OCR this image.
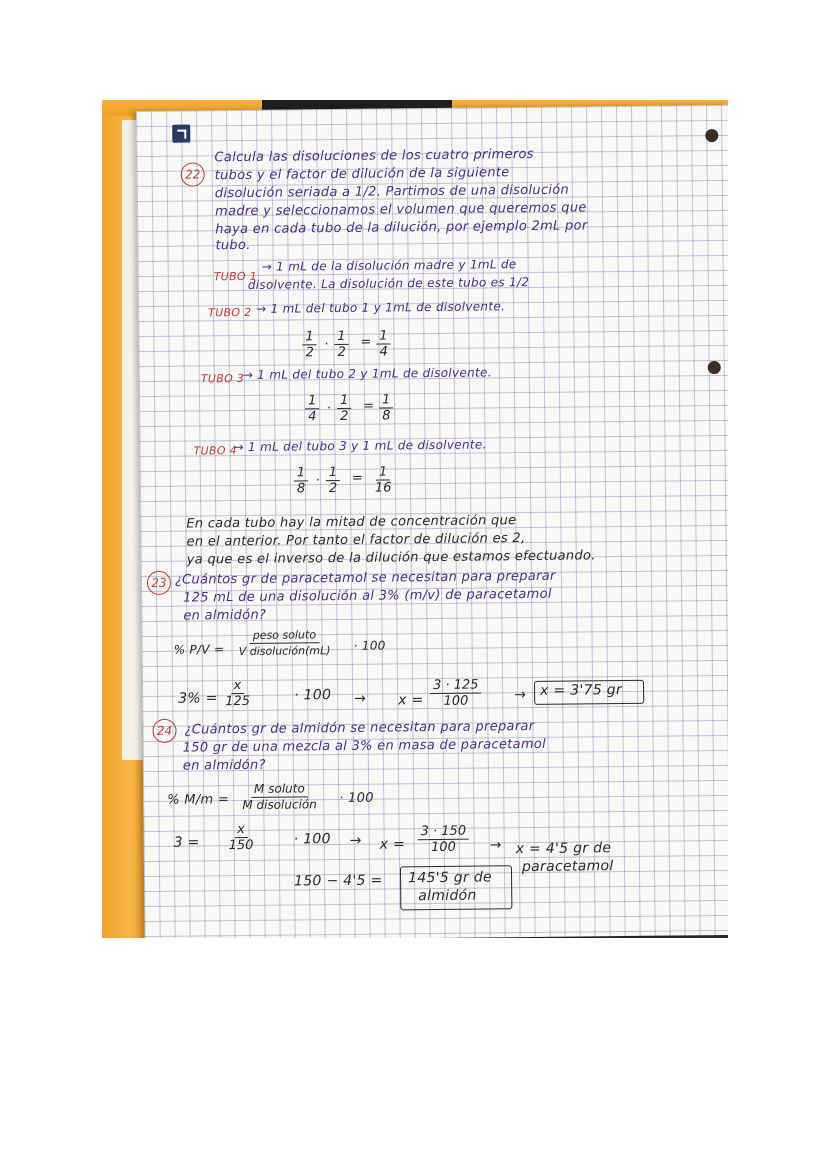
22
Calcula las disoluciones de los cuatro primeros
tubos y el factor de dilución de la siguiente
disolución seriada a 1/2. Partimos de una disolución
madre y seleccionamos el volumen que queremos que
haya en cada tubo de la dilución, por ejemplo 2mL por
tubo.
TUBO 1
→ 1 mL de la disolución madre y 1mL de
disolvente. La disolución de este tubo es 1/2
TUBO 2 → 1 mL del tubo 1 y 1mL de disolvente.
$\frac{1}{2} \cdot \frac{1}{2} = \frac{1}{4}$
TUBO 3
→ 1 mL del tubo 2 y 1mL de disolvente.
$\frac{1}{4} \cdot \frac{1}{2} = \frac{1}{8}$
TUBO 4
→ 1 mL del tubo 3 y 1 mL de disolvente.
$\frac{1}{8} \cdot \frac{1}{2} = \frac{1}{16}$
En cada tubo hay la mitad de concentración que
en el anterior. Por tanto el factor de dilución es 2,
ya que es el inverso de la dilución que estamos efectuando.
23 ¿Cuántos gr de paracetamol se necesitan para preparar
125 mL de una disolución al 3% (m/v) de paracetamol
en almidón?
% P/V =
peso soluto
V disolución(mL) · 100
$3\% = \frac{x}{125}$	· $100 \to x = \frac{3 \cdot 125}{100} \to x = 3'75$ gr
24 ¿Cuántos gr de almidón se necesitan para preparar
150 gr de una mezcla al 3% en masa de paracetamol
en almidón?
% M/m =
M soluto
M disolución · 100
$3 = \frac{x}{150}$	· $100 \to x = \frac{3 \cdot 150}{100} \to x = 4'5$ gr de
paracetamol
150 − 4'5 = 145'5 gr de
almidón
